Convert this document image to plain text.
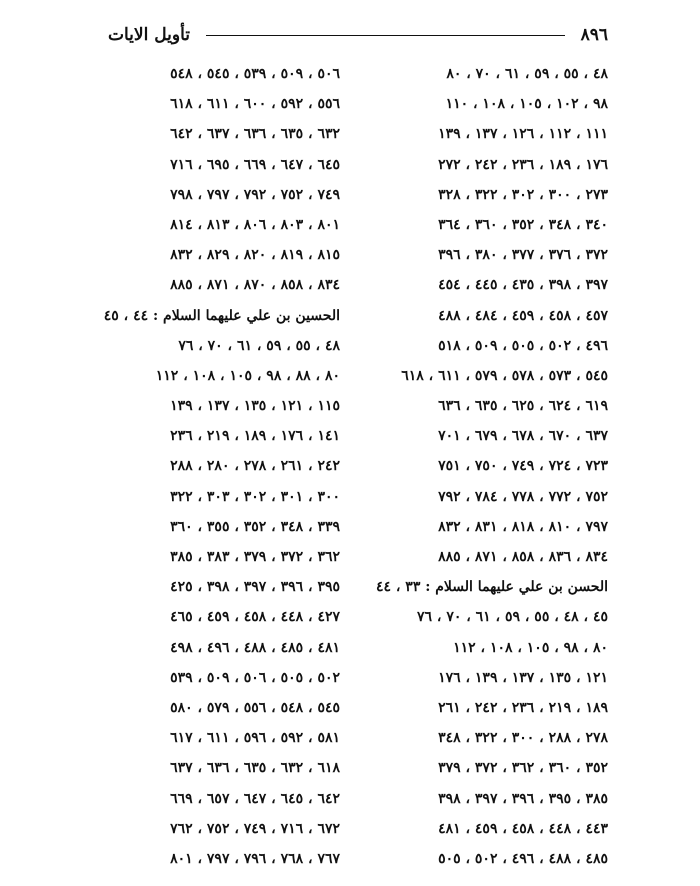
٨٩٦
تأويل الايات
٤٨ ، ٥٥ ، ٥٩ ، ٦١ ، ٧٠ ، ٨٠
٩٨ ، ١٠٢ ، ١٠٥ ، ١٠٨ ، ١١٠
١١١ ، ١١٢ ، ١٢٦ ، ١٣٧ ، ١٣٩
١٧٦ ، ١٨٩ ، ٢٣٦ ، ٢٤٢ ، ٢٧٢
٢٧٣ ، ٣٠٠ ، ٣٠٢ ، ٣٢٢ ، ٣٢٨
٣٤٠ ، ٣٤٨ ، ٣٥٢ ، ٣٦٠ ، ٣٦٤
٣٧٢ ، ٣٧٦ ، ٣٧٧ ، ٣٨٠ ، ٣٩٦
٣٩٧ ، ٣٩٨ ، ٤٣٥ ، ٤٤٥ ، ٤٥٤
٤٥٧ ، ٤٥٨ ، ٤٥٩ ، ٤٨٤ ، ٤٨٨
٤٩٦ ، ٥٠٢ ، ٥٠٥ ، ٥٠٩ ، ٥١٨
٥٤٥ ، ٥٧٣ ، ٥٧٨ ، ٥٧٩ ، ٦١١ ، ٦١٨
٦١٩ ، ٦٢٤ ، ٦٢٥ ، ٦٣٥ ، ٦٣٦
٦٣٧ ، ٦٧٠ ، ٦٧٨ ، ٦٧٩ ، ٧٠١
٧٢٣ ، ٧٢٤ ، ٧٤٩ ، ٧٥٠ ، ٧٥١
٧٥٢ ، ٧٧٢ ، ٧٧٨ ، ٧٨٤ ، ٧٩٢
٧٩٧ ، ٨١٠ ، ٨١٨ ، ٨٣١ ، ٨٣٢
٨٣٤ ، ٨٣٦ ، ٨٥٨ ، ٨٧١ ، ٨٨٥
الحسن بن علي عليهما السلام : ٣٣ ، ٤٤
٤٥ ، ٤٨ ، ٥٥ ، ٥٩ ، ٦١ ، ٧٠ ، ٧٦
٨٠ ، ٩٨ ، ١٠٥ ، ١٠٨ ، ١١٢
١٢١ ، ١٣٥ ، ١٣٧ ، ١٣٩ ، ١٧٦
١٨٩ ، ٢١٩ ، ٢٣٦ ، ٢٤٢ ، ٢٦١
٢٧٨ ، ٢٨٨ ، ٣٠٠ ، ٣٢٢ ، ٣٤٨
٣٥٢ ، ٣٦٠ ، ٣٦٢ ، ٣٧٢ ، ٣٧٩
٣٨٥ ، ٣٩٥ ، ٣٩٦ ، ٣٩٧ ، ٣٩٨
٤٤٣ ، ٤٤٨ ، ٤٥٨ ، ٤٥٩ ، ٤٨١
٤٨٥ ، ٤٨٨ ، ٤٩٦ ، ٥٠٢ ، ٥٠٥
٥٠٦ ، ٥٠٩ ، ٥٣٩ ، ٥٤٥ ، ٥٤٨
٥٥٦ ، ٥٩٢ ، ٦٠٠ ، ٦١١ ، ٦١٨
٦٣٢ ، ٦٣٥ ، ٦٣٦ ، ٦٣٧ ، ٦٤٢
٦٤٥ ، ٦٤٧ ، ٦٦٩ ، ٦٩٥ ، ٧١٦
٧٤٩ ، ٧٥٢ ، ٧٩٢ ، ٧٩٧ ، ٧٩٨
٨٠١ ، ٨٠٣ ، ٨٠٦ ، ٨١٣ ، ٨١٤
٨١٥ ، ٨١٩ ، ٨٢٠ ، ٨٢٩ ، ٨٣٢
٨٣٤ ، ٨٥٨ ، ٨٧٠ ، ٨٧١ ، ٨٨٥
الحسين بن علي عليهما السلام : ٤٤ ، ٤٥
٤٨ ، ٥٥ ، ٥٩ ، ٦١ ، ٧٠ ، ٧٦
٨٠ ، ٨٨ ، ٩٨ ، ١٠٥ ، ١٠٨ ، ١١٢
١١٥ ، ١٢١ ، ١٣٥ ، ١٣٧ ، ١٣٩
١٤١ ، ١٧٦ ، ١٨٩ ، ٢١٩ ، ٢٣٦
٢٤٢ ، ٢٦١ ، ٢٧٨ ، ٢٨٠ ، ٢٨٨
٣٠٠ ، ٣٠١ ، ٣٠٢ ، ٣٠٣ ، ٣٢٢
٣٣٩ ، ٣٤٨ ، ٣٥٢ ، ٣٥٥ ، ٣٦٠
٣٦٢ ، ٣٧٢ ، ٣٧٩ ، ٣٨٣ ، ٣٨٥
٣٩٥ ، ٣٩٦ ، ٣٩٧ ، ٣٩٨ ، ٤٢٥
٤٢٧ ، ٤٤٨ ، ٤٥٨ ، ٤٥٩ ، ٤٦٥
٤٨١ ، ٤٨٥ ، ٤٨٨ ، ٤٩٦ ، ٤٩٨
٥٠٢ ، ٥٠٥ ، ٥٠٦ ، ٥٠٩ ، ٥٣٩
٥٤٥ ، ٥٤٨ ، ٥٥٦ ، ٥٧٩ ، ٥٨٠
٥٨١ ، ٥٩٢ ، ٥٩٦ ، ٦١١ ، ٦١٧
٦١٨ ، ٦٣٢ ، ٦٣٥ ، ٦٣٦ ، ٦٣٧
٦٤٢ ، ٦٤٥ ، ٦٤٧ ، ٦٥٧ ، ٦٦٩
٦٧٢ ، ٧١٦ ، ٧٤٩ ، ٧٥٢ ، ٧٦٢
٧٦٧ ، ٧٦٨ ، ٧٩٦ ، ٧٩٧ ، ٨٠١
